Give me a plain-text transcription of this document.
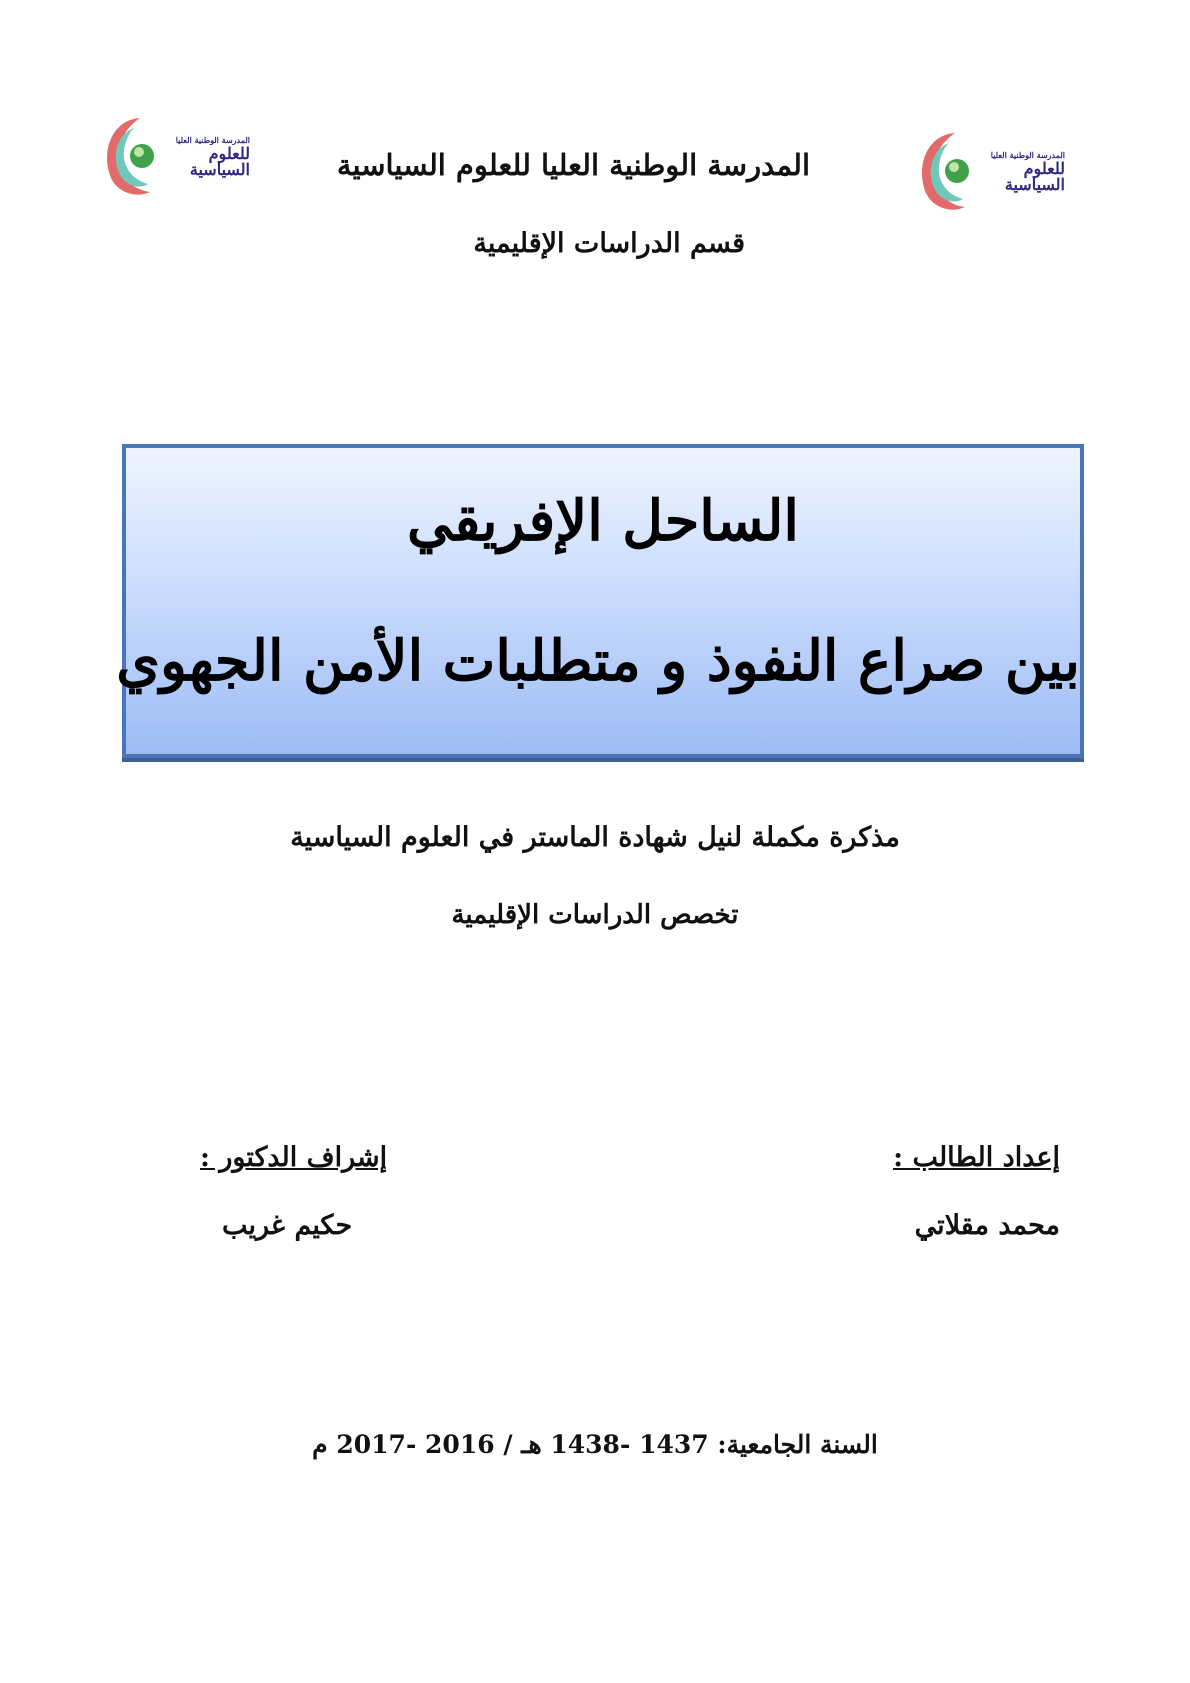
المدرسة الوطنية العليا
للعلوم السياسية
المدرسة الوطنية العليا
للعلوم السياسية
المدرسة الوطنية العليا للعلوم السياسية
قسم الدراسات الإقليمية
الساحل الإفريقي
بين صراع النفوذ و متطلبات الأمن الجهوي
مذكرة مكملة لنيل شهادة الماستر في العلوم السياسية
تخصص الدراسات الإقليمية
إعداد الطالب :
محمد مقلاتي
إشراف الدكتور :
حكيم غريب
السنة الجامعية: 1437 -1438 هـ / 2016 -2017 م
